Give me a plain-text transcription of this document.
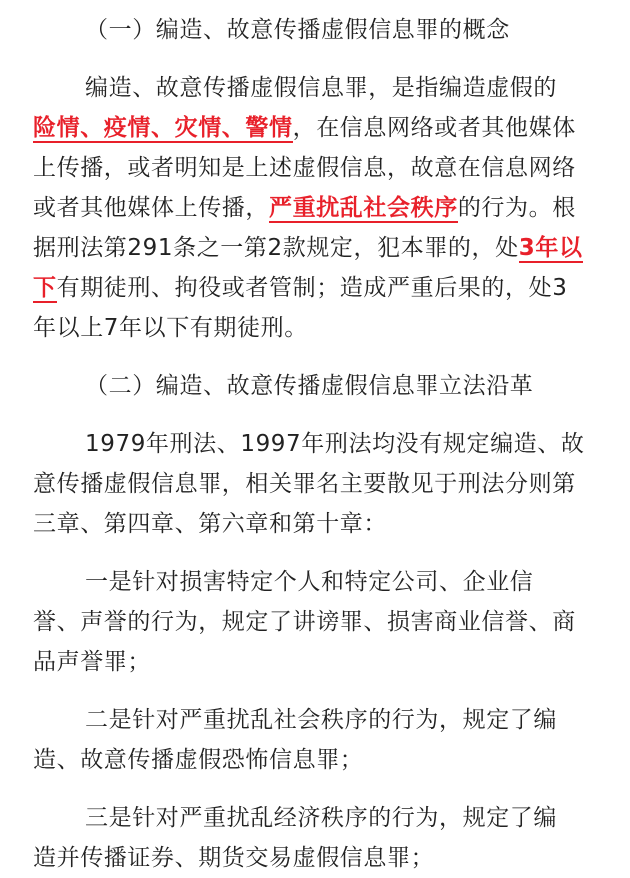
（一）编造、故意传播虚假信息罪的概念
编造、故意传播虚假信息罪，是指编造虚假的
险情、疫情、灾情、警情，在信息网络或者其他媒体
上传播，或者明知是上述虚假信息，故意在信息网络
或者其他媒体上传播，严重扰乱社会秩序的行为。根
据刑法第291条之一第2款规定，犯本罪的，处3年以
下有期徒刑、拘役或者管制；造成严重后果的，处3
年以上7年以下有期徒刑。
（二）编造、故意传播虚假信息罪立法沿革
1979年刑法、1997年刑法均没有规定编造、故
意传播虚假信息罪，相关罪名主要散见于刑法分则第
三章、第四章、第六章和第十章：
一是针对损害特定个人和特定公司、企业信
誉、声誉的行为，规定了讲谤罪、损害商业信誉、商
品声誉罪；
二是针对严重扰乱社会秩序的行为，规定了编
造、故意传播虚假恐怖信息罪；
三是针对严重扰乱经济秩序的行为，规定了编
造并传播证券、期货交易虚假信息罪；
